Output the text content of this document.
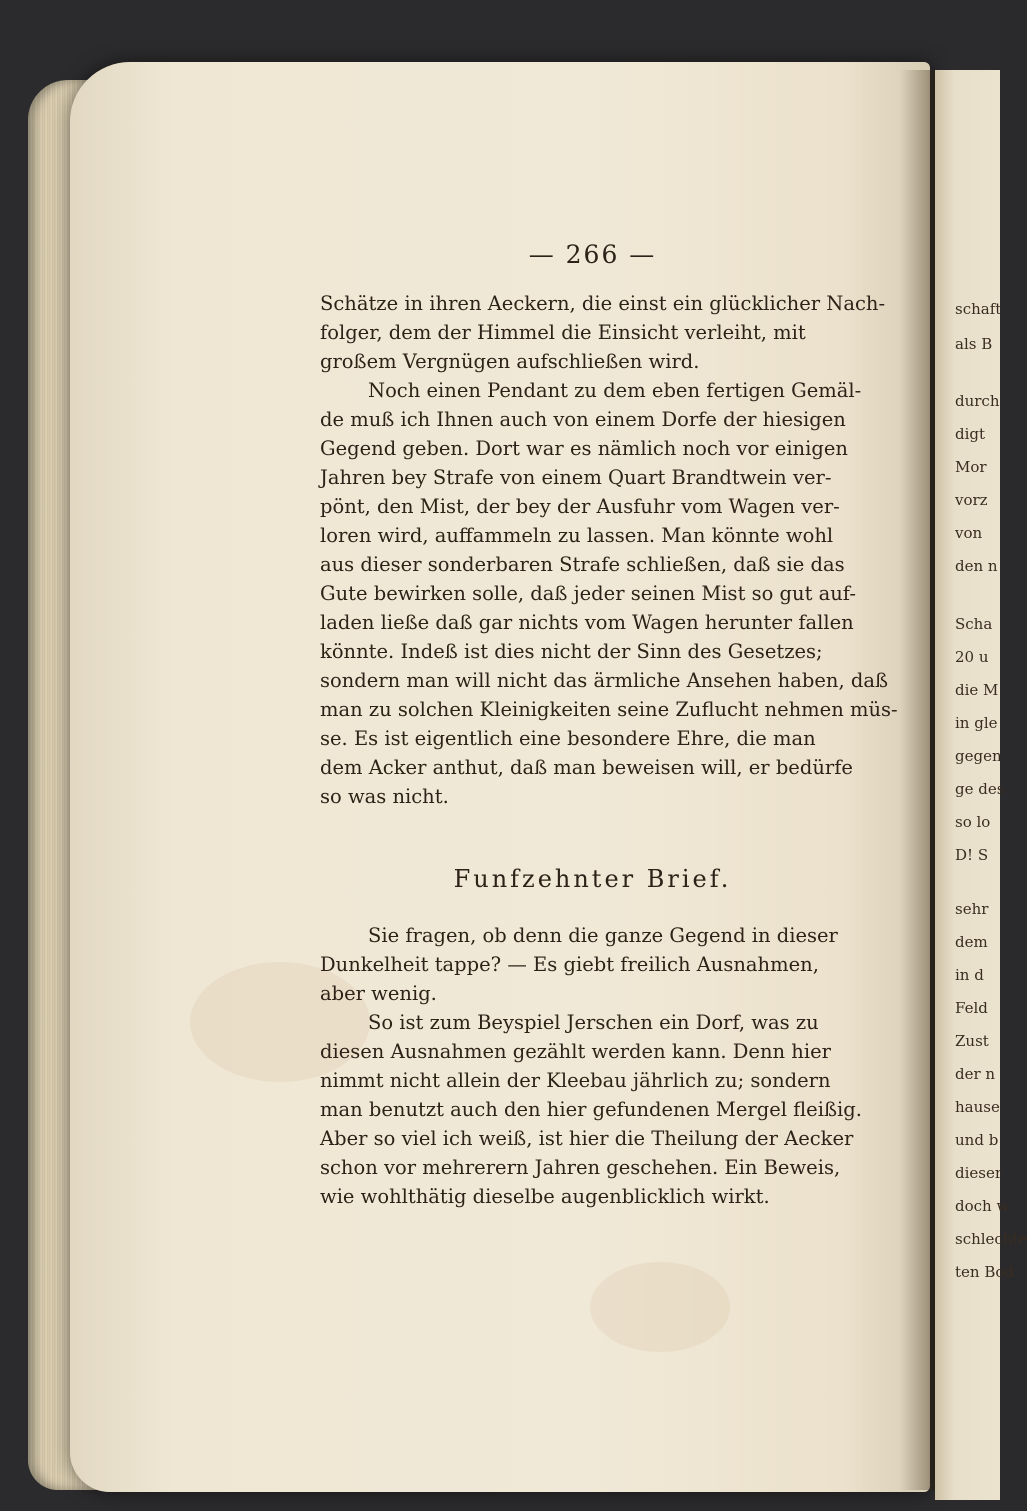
schaft
als B
durch
digt
Mor
vorz
von
den n
Scha
20 u
die M
in gle
gegen
ge des
so lo
D! S
sehr
dem
in d
Feld
Zust
der n
hause
und b
dieser
doch w
schlechte
ten Bod
— 266 —
Schätze in ihren Aeckern, die einst ein glücklicher Nach-
folger, dem der Himmel die Einsicht verleiht, mit
großem Vergnügen aufschließen wird.
Noch einen Pendant zu dem eben fertigen Gemäl-
de muß ich Ihnen auch von einem Dorfe der hiesigen
Gegend geben. Dort war es nämlich noch vor einigen
Jahren bey Strafe von einem Quart Brandtwein ver-
pönt, den Mist, der bey der Ausfuhr vom Wagen ver-
loren wird, auffammeln zu lassen. Man könnte wohl
aus dieser sonderbaren Strafe schließen, daß sie das
Gute bewirken solle, daß jeder seinen Mist so gut auf-
laden ließe daß gar nichts vom Wagen herunter fallen
könnte. Indeß ist dies nicht der Sinn des Gesetzes;
sondern man will nicht das ärmliche Ansehen haben, daß
man zu solchen Kleinigkeiten seine Zuflucht nehmen müs-
se. Es ist eigentlich eine besondere Ehre, die man
dem Acker anthut, daß man beweisen will, er bedürfe
so was nicht.
Funfzehnter Brief.
Sie fragen, ob denn die ganze Gegend in dieser
Dunkelheit tappe? — Es giebt freilich Ausnahmen,
aber wenig.
So ist zum Beyspiel Jerschen ein Dorf, was zu
diesen Ausnahmen gezählt werden kann. Denn hier
nimmt nicht allein der Kleebau jährlich zu; sondern
man benutzt auch den hier gefundenen Mergel fleißig.
Aber so viel ich weiß, ist hier die Theilung der Aecker
schon vor mehrerern Jahren geschehen. Ein Beweis,
wie wohlthätig dieselbe augenblicklich wirkt.
